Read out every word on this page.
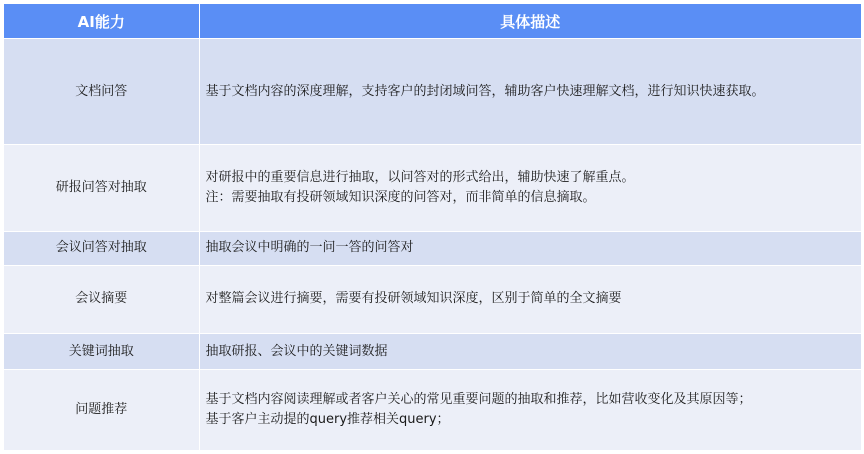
AI能力	具体描述
文档问答	基于文档内容的深度理解，支持客户的封闭域问答，辅助客户快速理解文档，进行知识快速获取。

研报问答对抽取	对研报中的重要信息进行抽取，以问答对的形式给出，辅助快速了解重点。
注：需要抽取有投研领域知识深度的问答对，而非简单的信息摘取。

会议问答对抽取	抽取会议中明确的一问一答的问答对

会议摘要	对整篇会议进行摘要，需要有投研领域知识深度，区别于简单的全文摘要

关键词抽取	抽取研报、会议中的关键词数据

问题推荐	基于文档内容阅读理解或者客户关心的常见重要问题的抽取和推荐，比如营收变化及其原因等；
基于客户主动提的query推荐相关query；
